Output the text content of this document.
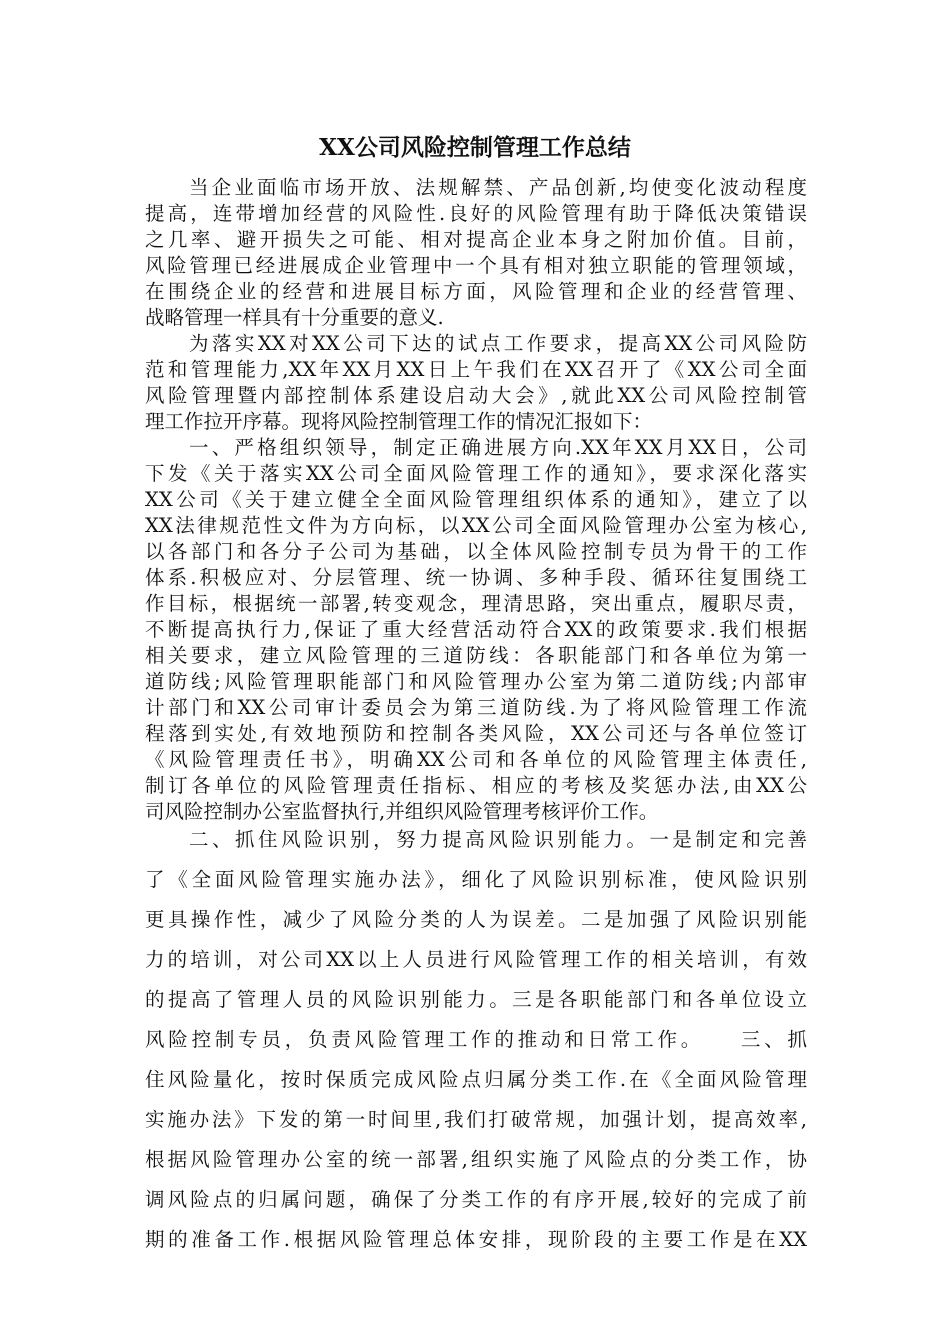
XX公司风险控制管理工作总结

当企业面临市场开放、法规解禁、产品创新,均使变化波动程度

提高，连带增加经营的风险性.良好的风险管理有助于降低决策错误

之几率、避开损失之可能、相对提高企业本身之附加价值。目前，

风险管理已经进展成企业管理中一个具有相对独立职能的管理领域，

在围绕企业的经营和进展目标方面，风险管理和企业的经营管理、

战略管理一样具有十分重要的意义.

为落实XX对XX公司下达的试点工作要求，提高XX公司风险防

范和管理能力,XX年XX月XX日上午我们在XX召开了《XX公司全面

风险管理暨内部控制体系建设启动大会》,就此XX公司风险控制管

理工作拉开序幕。现将风险控制管理工作的情况汇报如下：

一、严格组织领导，制定正确进展方向.XX年XX月XX日，公司

下发《关于落实XX公司全面风险管理工作的通知》，要求深化落实

XX公司《关于建立健全全面风险管理组织体系的通知》，建立了以

XX法律规范性文件为方向标，以XX公司全面风险管理办公室为核心,

以各部门和各分子公司为基础，以全体风险控制专员为骨干的工作

体系.积极应对、分层管理、统一协调、多种手段、循环往复围绕工

作目标，根据统一部署,转变观念，理清思路，突出重点，履职尽责，

不断提高执行力,保证了重大经营活动符合XX的政策要求.我们根据

相关要求，建立风险管理的三道防线：各职能部门和各单位为第一

道防线;风险管理职能部门和风险管理办公室为第二道防线;内部审

计部门和XX公司审计委员会为第三道防线.为了将风险管理工作流

程落到实处,有效地预防和控制各类风险，XX公司还与各单位签订

《风险管理责任书》，明确XX公司和各单位的风险管理主体责任,

制订各单位的风险管理责任指标、相应的考核及奖惩办法,由XX公

司风险控制办公室监督执行,并组织风险管理考核评价工作。

二、抓住风险识别，努力提高风险识别能力。一是制定和完善

了《全面风险管理实施办法》，细化了风险识别标准，使风险识别

更具操作性，减少了风险分类的人为误差。二是加强了风险识别能

力的培训，对公司XX以上人员进行风险管理工作的相关培训，有效

的提高了管理人员的风险识别能力。三是各职能部门和各单位设立

风险控制专员，负责风险管理工作的推动和日常工作。　　三、抓

住风险量化，按时保质完成风险点归属分类工作.在《全面风险管理

实施办法》下发的第一时间里,我们打破常规，加强计划，提高效率,

根据风险管理办公室的统一部署,组织实施了风险点的分类工作，协

调风险点的归属问题，确保了分类工作的有序开展,较好的完成了前

期的准备工作.根据风险管理总体安排，现阶段的主要工作是在XX
